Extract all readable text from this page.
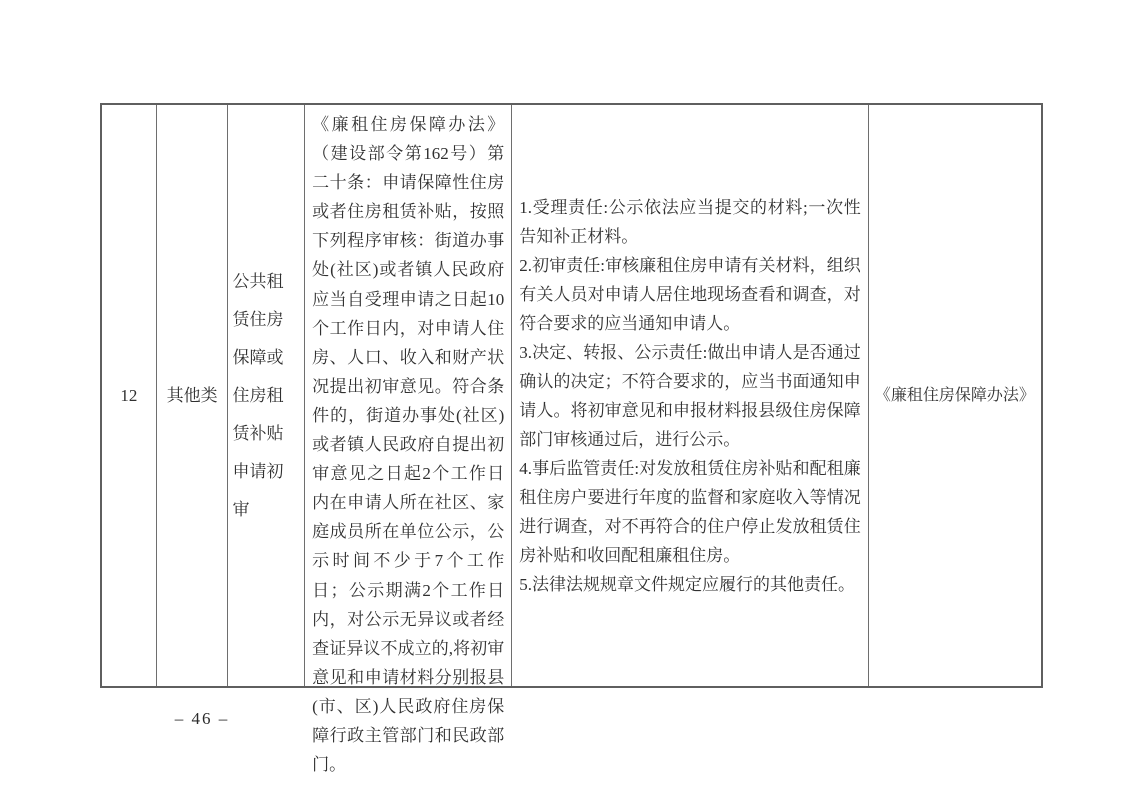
12	其他类
公共租赁住房保障或住房租赁补贴申请初审
《廉租住房保障办法》（建设部令第162号）第二十条：申请保障性住房或者住房租赁补贴，按照下列程序审核：街道办事处(社区)或者镇人民政府应当自受理申请之日起10个工作日内，对申请人住房、人口、收入和财产状况提出初审意见。符合条件的，街道办事处(社区)或者镇人民政府自提出初审意见之日起2个工作日内在申请人所在社区、家庭成员所在单位公示，公示时间不少于7个工作日；公示期满2个工作日内，对公示无异议或者经查证异议不成立的,将初审意见和申请材料分别报县(市、区)人民政府住房保障行政主管部门和民政部门。

1.受理责任:公示依法应当提交的材料;一次性告知补正材料。

2.初审责任:审核廉租住房申请有关材料，组织有关人员对申请人居住地现场查看和调查，对符合要求的应当通知申请人。

3.决定、转报、公示责任:做出申请人是否通过确认的决定；不符合要求的，应当书面通知申请人。将初审意见和申报材料报县级住房保障部门审核通过后，进行公示。

4.事后监管责任:对发放租赁住房补贴和配租廉租住房户要进行年度的监督和家庭收入等情况进行调查，对不再符合的住户停止发放租赁住房补贴和收回配租廉租住房。

5.法律法规规章文件规定应履行的其他责任。

《廉租住房保障办法》
– 46 –
